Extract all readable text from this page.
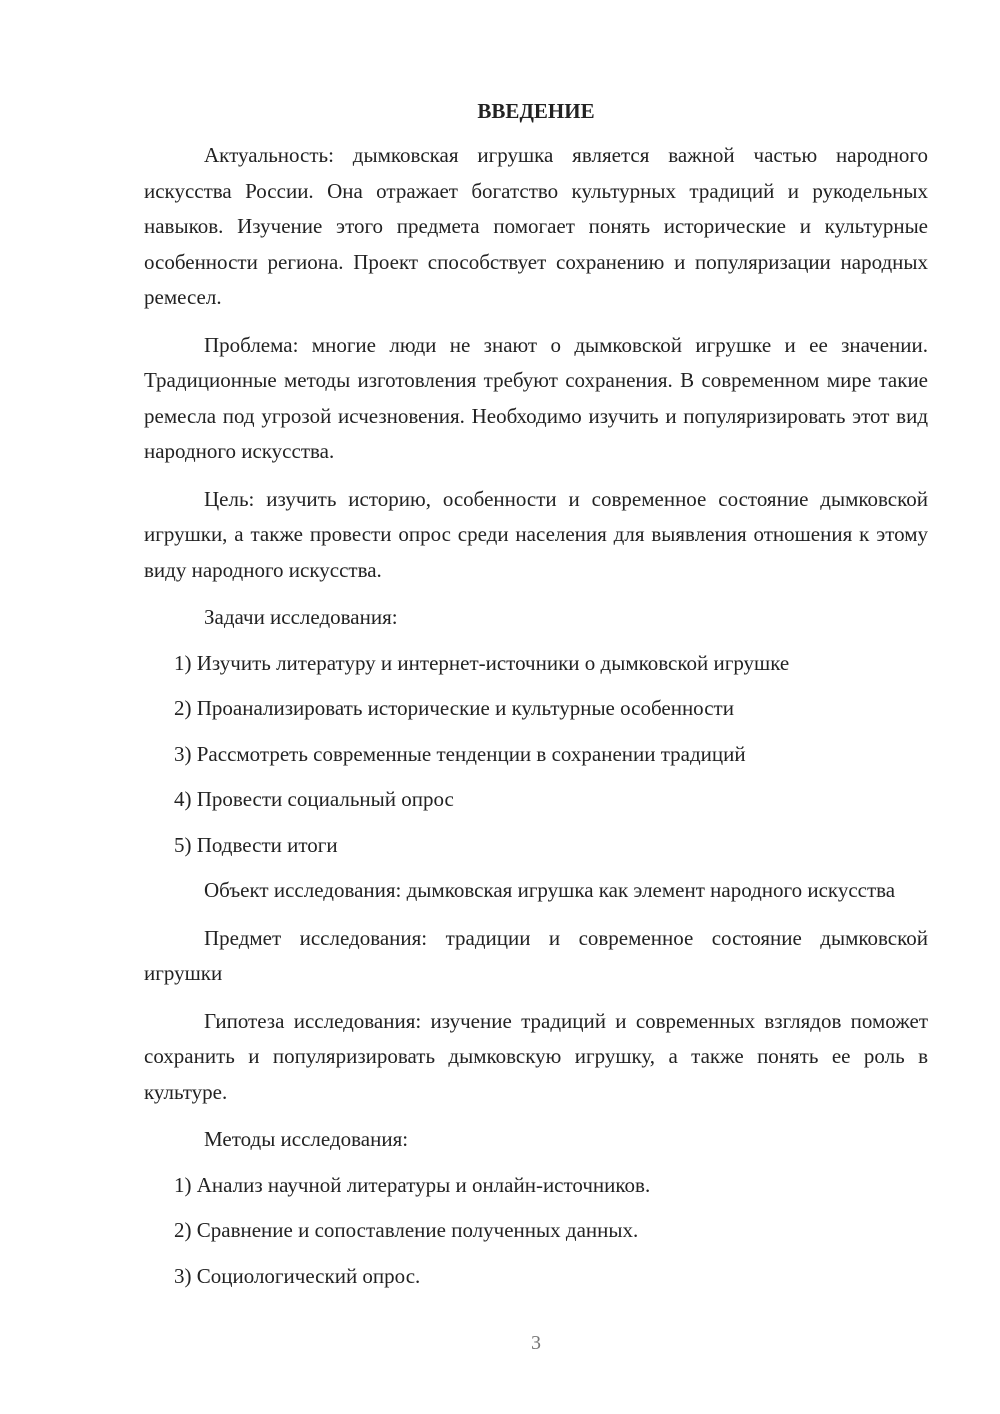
ВВЕДЕНИЕ

Актуальность: дымковская игрушка является важной частью народного искусства России. Она отражает богатство культурных традиций и рукодельных навыков. Изучение этого предмета помогает понять исторические и культурные особенности региона. Проект способствует сохранению и популяризации народных ремесел.

Проблема: многие люди не знают о дымковской игрушке и ее значении. Традиционные методы изготовления требуют сохранения. В современном мире такие ремесла под угрозой исчезновения. Необходимо изучить и популяризировать этот вид народного искусства.

Цель: изучить историю, особенности и современное состояние дымковской игрушки, а также провести опрос среди населения для выявления отношения к этому виду народного искусства.

Задачи исследования:

1) Изучить литературу и интернет-источники о дымковской игрушке
2) Проанализировать исторические и культурные особенности
3) Рассмотреть современные тенденции в сохранении традиций
4) Провести социальный опрос
5) Подвести итоги

Объект исследования: дымковская игрушка как элемент народного искусства

Предмет исследования: традиции и современное состояние дымковской игрушки

Гипотеза исследования: изучение традиций и современных взглядов поможет сохранить и популяризировать дымковскую игрушку, а также понять ее роль в культуре.

Методы исследования:

1) Анализ научной литературы и онлайн-источников.
2) Сравнение и сопоставление полученных данных.
3) Социологический опрос.
3
